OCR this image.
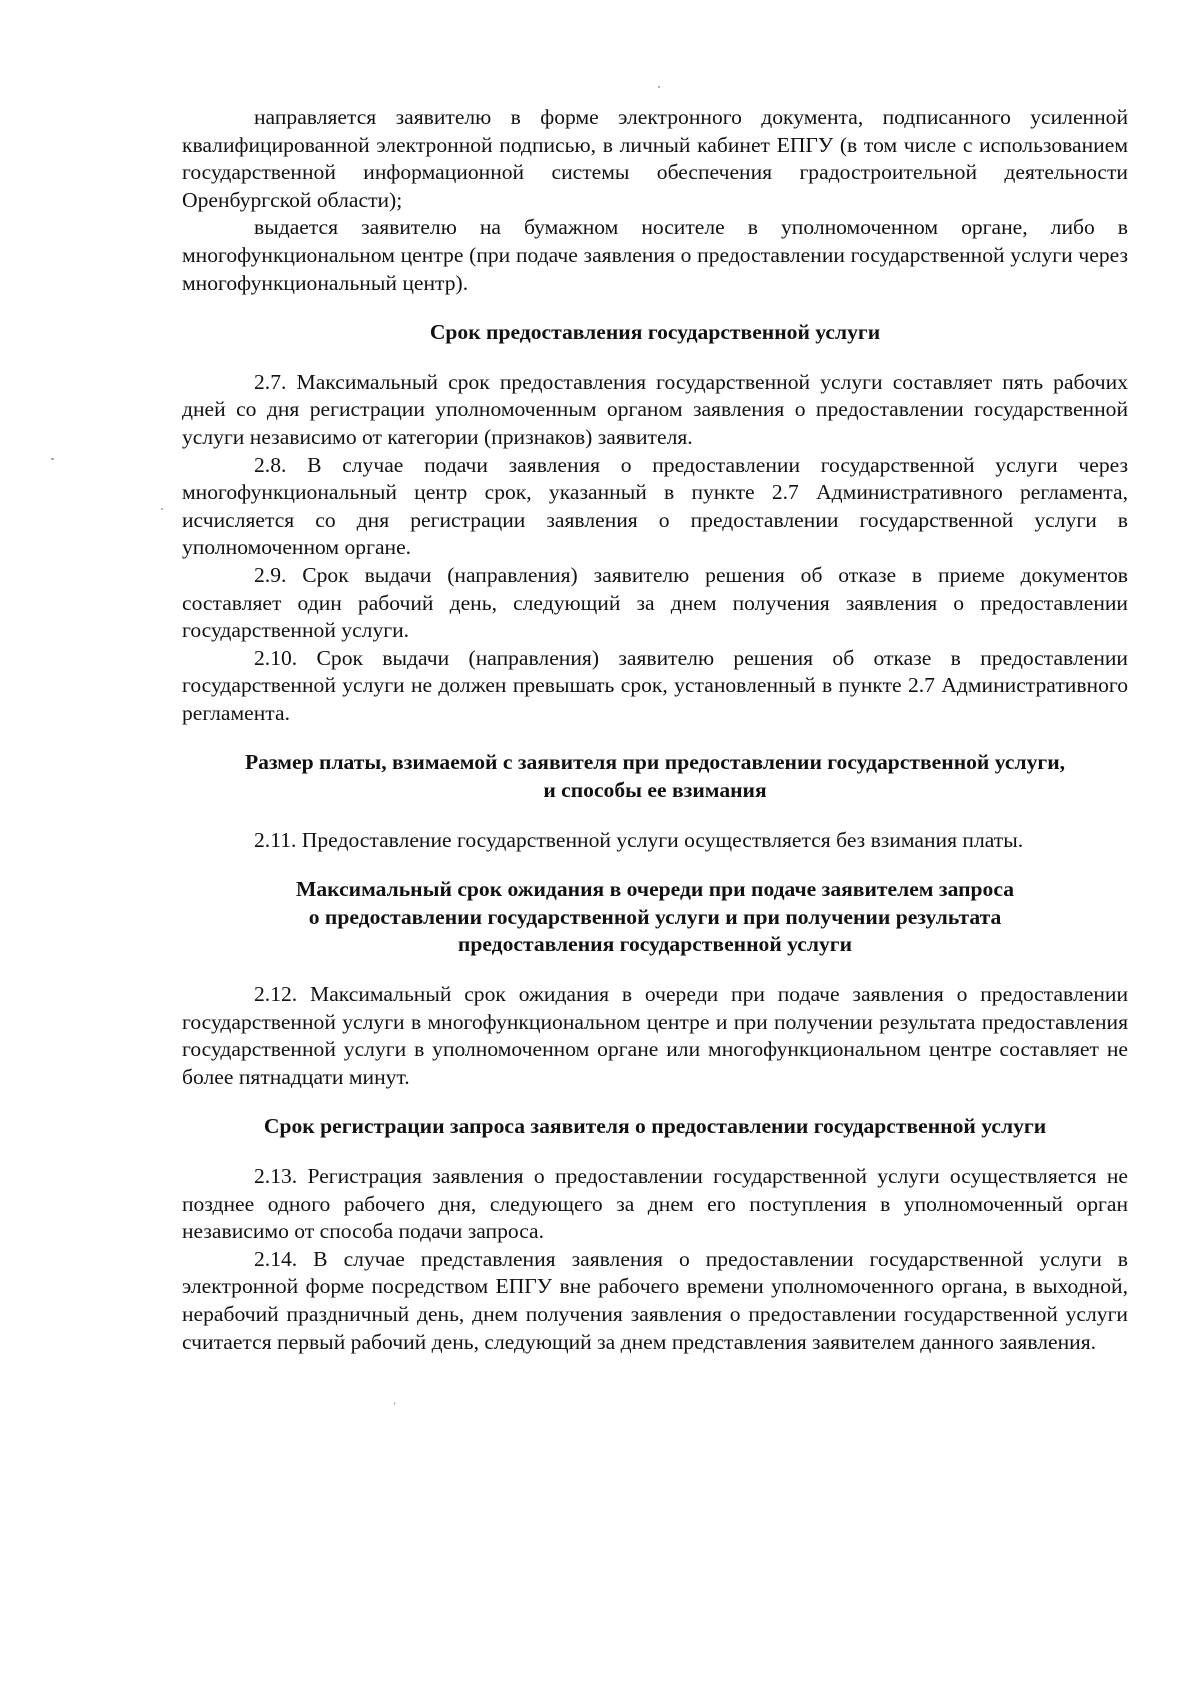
направляется заявителю в форме электронного документа, подписанного усиленной квалифицированной электронной подписью, в личный кабинет ЕПГУ (в том числе с использованием государственной информационной системы обеспечения градостроительной деятельности Оренбургской области);

выдается заявителю на бумажном носителе в уполномоченном органе, либо в многофункциональном центре (при подаче заявления о предоставлении государственной услуги через многофункциональный центр).

Срок предоставления государственной услуги

2.7. Максимальный срок предоставления государственной услуги составляет пять рабочих дней со дня регистрации уполномоченным органом заявления о предоставлении государственной услуги независимо от категории (признаков) заявителя.

2.8. В случае подачи заявления о предоставлении государственной услуги через многофункциональный центр срок, указанный в пункте 2.7 Административного регламента, исчисляется со дня регистрации заявления о предоставлении государственной услуги в уполномоченном органе.

2.9. Срок выдачи (направления) заявителю решения об отказе в приеме документов составляет один рабочий день, следующий за днем получения заявления о предоставлении государственной услуги.

2.10. Срок выдачи (направления) заявителю решения об отказе в предоставлении государственной услуги не должен превышать срок, установленный в пункте 2.7 Административного регламента.

Размер платы, взимаемой с заявителя при предоставлении государственной услуги,
и способы ее взимания

2.11. Предоставление государственной услуги осуществляется без взимания платы.

Максимальный срок ожидания в очереди при подаче заявителем запроса
о предоставлении государственной услуги и при получении результата
предоставления государственной услуги

2.12. Максимальный срок ожидания в очереди при подаче заявления о предоставлении государственной услуги в многофункциональном центре и при получении результата предоставления государственной услуги в уполномоченном органе или многофункциональном центре составляет не более пятнадцати минут.

Срок регистрации запроса заявителя о предоставлении государственной услуги

2.13. Регистрация заявления о предоставлении государственной услуги осуществляется не позднее одного рабочего дня, следующего за днем его поступления в уполномоченный орган независимо от способа подачи запроса.

2.14. В случае представления заявления о предоставлении государственной услуги в электронной форме посредством ЕПГУ вне рабочего времени уполномоченного органа, в выходной, нерабочий праздничный день, днем получения заявления о предоставлении государственной услуги считается первый рабочий день, следующий за днем представления заявителем данного заявления.
